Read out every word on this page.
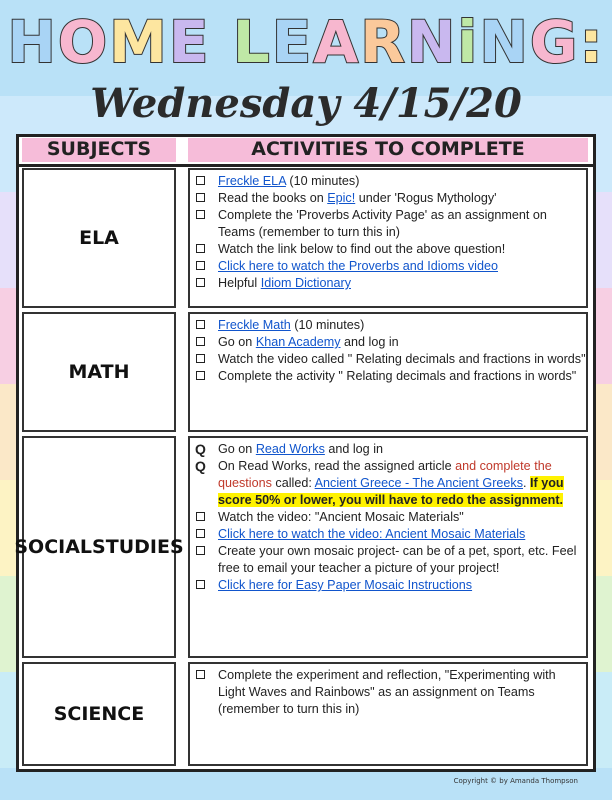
HOME LEARNiNG:
Wednesday 4/15/20
SUBJECTS	ACTIVITIES TO COMPLETE
ELA
Freckle ELA (10 minutes)
Read the books on Epic! under 'Rogus Mythology'
Complete the 'Proverbs Activity Page' as an assignment on Teams (remember to turn this in)
Watch the link below to find out the above question!
Click here to watch the Proverbs and Idioms video
Helpful Idiom Dictionary
MATH
Freckle Math (10 minutes)
Go on Khan Academy and log in
Watch the video called " Relating decimals and fractions in words"
Complete the activity " Relating decimals and fractions in words"
SOCIAL STUDIES
Q Go on Read Works and log in
Q On Read Works, read the assigned article and complete the questions called: Ancient Greece - The Ancient Greeks. If you score 50% or lower, you will have to redo the assignment.
Watch the video: "Ancient Mosaic Materials"
Click here to watch the video: Ancient Mosaic Materials
Create your own mosaic project- can be of a pet, sport, etc. Feel free to email your teacher a picture of your project!
Click here for Easy Paper Mosaic Instructions
SCIENCE
Complete the experiment and reflection, "Experimenting with Light Waves and Rainbows" as an assignment on Teams (remember to turn this in)
Copyright © by Amanda Thompson
